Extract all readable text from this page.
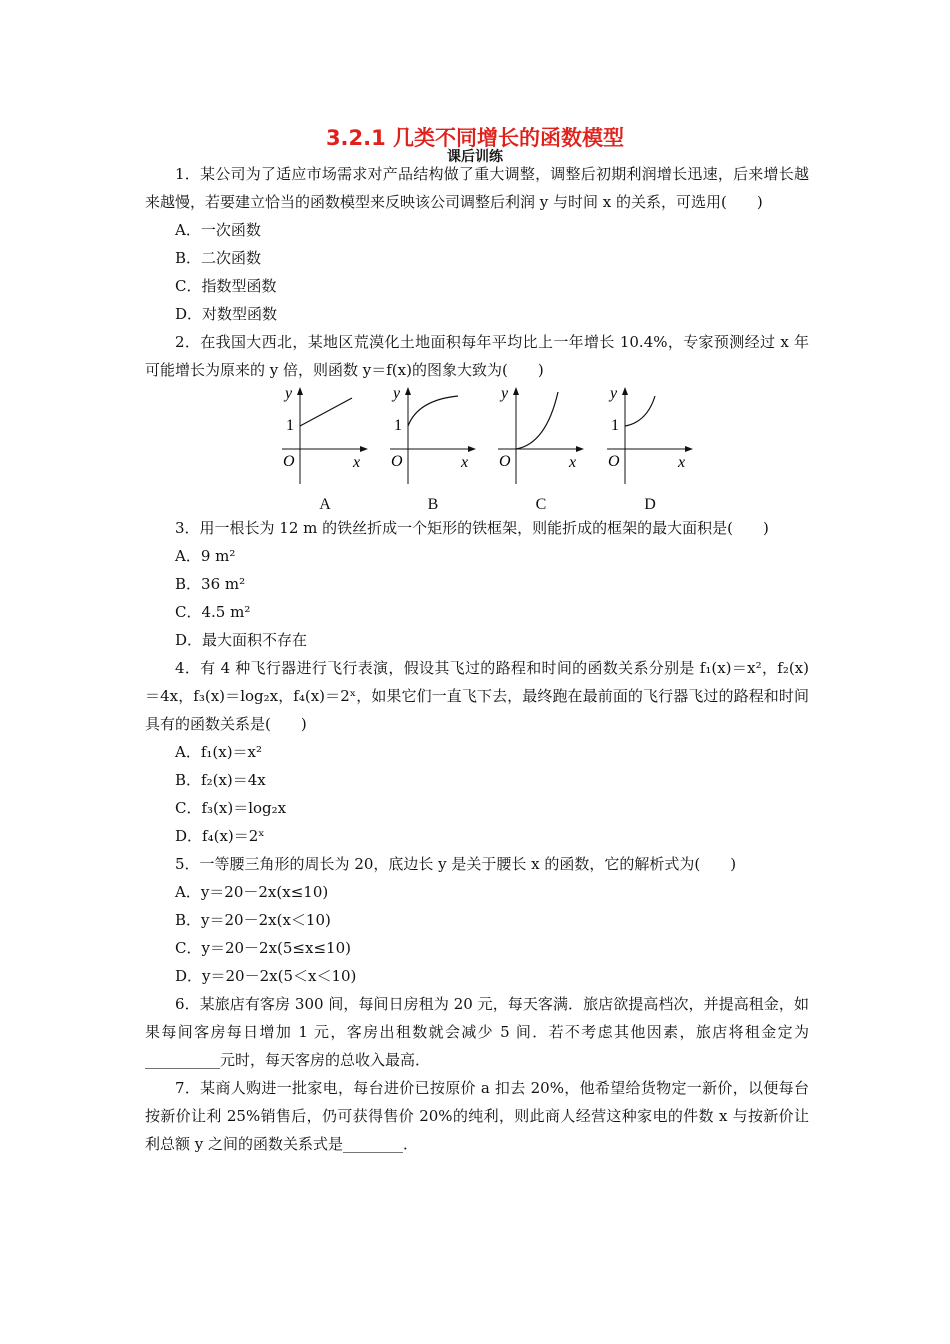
3.2.1 几类不同增长的函数模型
课后训练
1．某公司为了适应市场需求对产品结构做了重大调整，调整后初期利润增长迅速，后来增长越来越慢，若要建立恰当的函数模型来反映该公司调整后利润 y 与时间 x 的关系，可选用(　　)
A．一次函数
B．二次函数
C．指数型函数
D．对数型函数
2．在我国大西北，某地区荒漠化土地面积每年平均比上一年增长 10.4%，专家预测经过 x 年可能增长为原来的 y 倍，则函数 y＝f(x)的图象大致为(　　)
y
1
O	x
A
y
1
O	x
B
y
O	x
C
y
1
O	x
D
3．用一根长为 12 m 的铁丝折成一个矩形的铁框架，则能折成的框架的最大面积是(　　)
A．9 m²
B．36 m²
C．4.5 m²
D．最大面积不存在
4．有 4 种飞行器进行飞行表演，假设其飞过的路程和时间的函数关系分别是 f₁(x)＝x²，f₂(x)＝4x，f₃(x)＝log₂x，f₄(x)＝2ˣ，如果它们一直飞下去，最终跑在最前面的飞行器飞过的路程和时间具有的函数关系是(　　)
A．f₁(x)＝x²
B．f₂(x)＝4x
C．f₃(x)＝log₂x
D．f₄(x)＝2ˣ
5．一等腰三角形的周长为 20，底边长 y 是关于腰长 x 的函数，它的解析式为(　　)
A．y＝20－2x(x≤10)
B．y＝20－2x(x＜10)
C．y＝20－2x(5≤x≤10)
D．y＝20－2x(5＜x＜10)
6．某旅店有客房 300 间，每间日房租为 20 元，每天客满．旅店欲提高档次，并提高租金，如果每间客房每日增加 1 元，客房出租数就会减少 5 间．若不考虑其他因素，旅店将租金定为__________元时，每天客房的总收入最高．
7．某商人购进一批家电，每台进价已按原价 a 扣去 20%，他希望给货物定一新价，以便每台按新价让利 25%销售后，仍可获得售价 20%的纯利，则此商人经营这种家电的件数 x 与按新价让利总额 y 之间的函数关系式是________．
